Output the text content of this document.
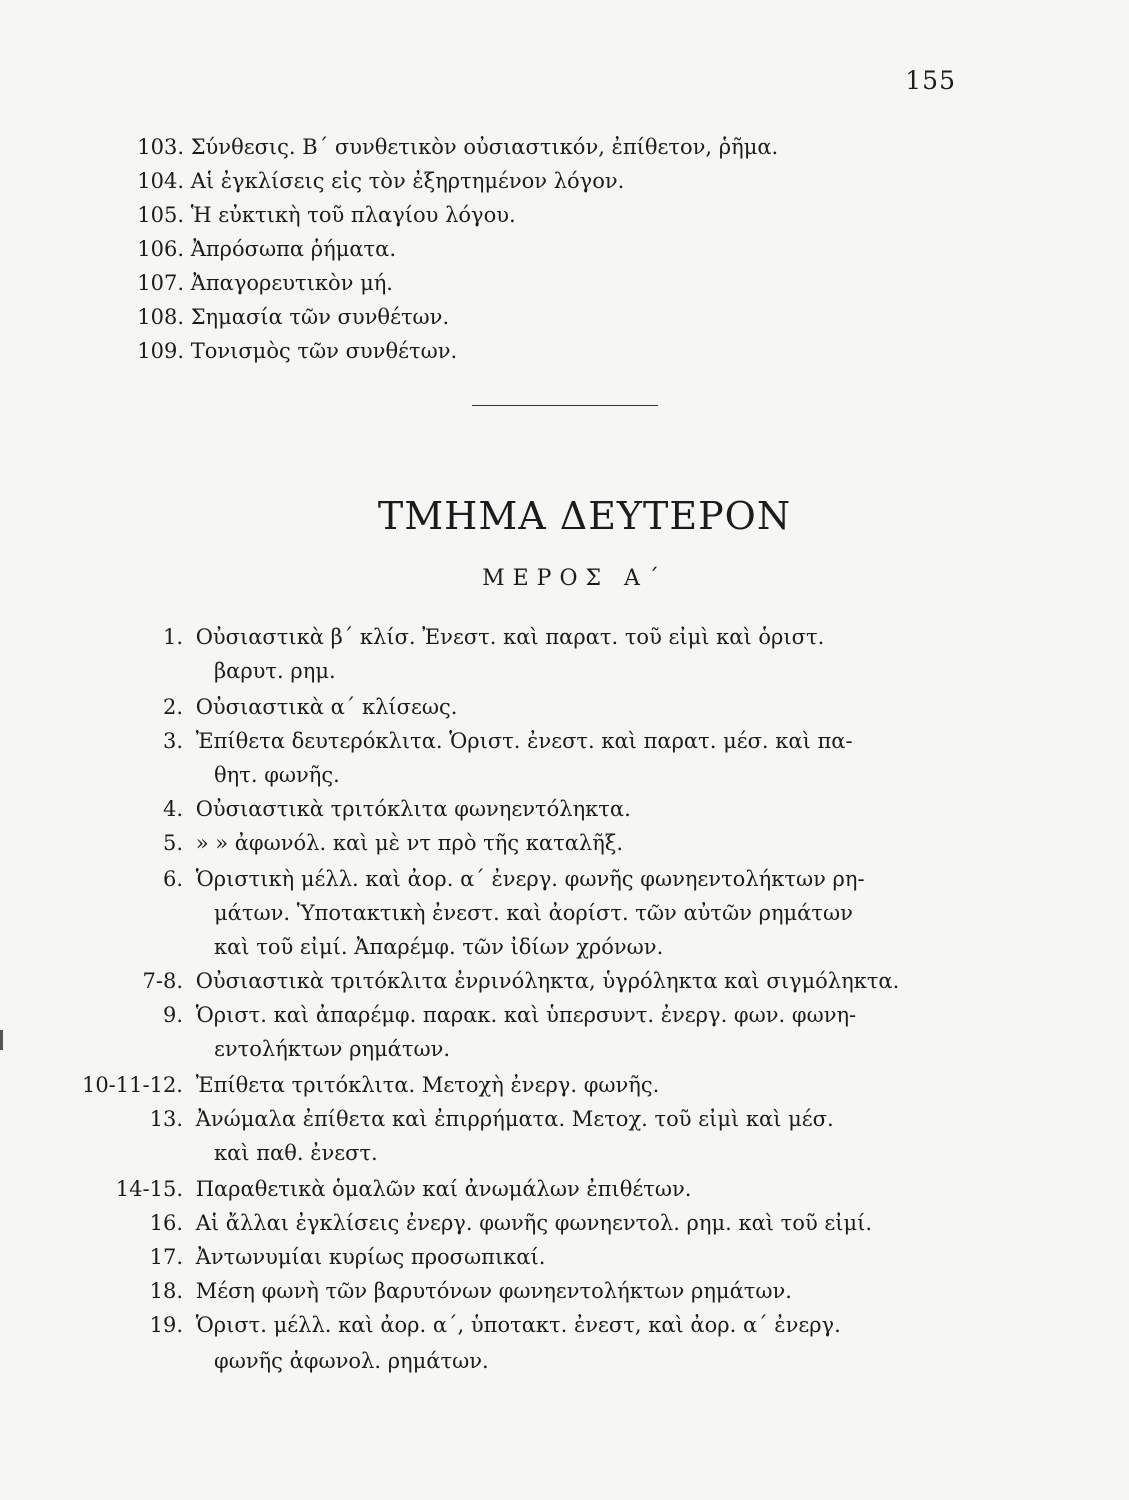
155
103. Σύνθεσις. Β΄ συνθετικὸν οὐσιαστικόν, ἐπίθετον, ῥῆμα.
104. Αἱ ἐγκλίσεις εἰς τὸν ἐξηρτημένον λόγον.
105. Ἡ εὐκτικὴ τοῦ πλαγίου λόγου.
106. Ἀπρόσωπα ῥήματα.
107. Ἀπαγορευτικὸν μή.
108. Σημασία τῶν συνθέτων.
109. Τονισμὸς τῶν συνθέτων.
ΤΜΗΜΑ ΔΕΥΤΕΡΟΝ
ΜΕΡΟΣ Α΄
1. Οὐσιαστικὰ β΄ κλίσ. Ἐνεστ. καὶ παρατ. τοῦ εἰμὶ καὶ ὁριστ.
βαρυτ. ρημ.
2. Οὐσιαστικὰ α΄ κλίσεως.
3. Ἐπίθετα δευτερόκλιτα. Ὁριστ. ἐνεστ. καὶ παρατ. μέσ. καὶ πα-
θητ. φωνῆς.
4. Οὐσιαστικὰ τριτόκλιτα φωνηεντόληκτα.
5. » » ἀφωνόλ. καὶ μὲ ντ πρὸ τῆς καταλῆξ.
6. Ὁριστικὴ μέλλ. καὶ ἀορ. α΄ ἐνεργ. φωνῆς φωνηεντολήκτων ρη-
μάτων. Ὑποτακτικὴ ἐνεστ. καὶ ἀορίστ. τῶν αὐτῶν ρημάτων
καὶ τοῦ εἰμί. Ἀπαρέμφ. τῶν ἰδίων χρόνων.
7-8. Οὐσιαστικὰ τριτόκλιτα ἐνρινόληκτα, ὑγρόληκτα καὶ σιγμόληκτα.
9. Ὁριστ. καὶ ἀπαρέμφ. παρακ. καὶ ὑπερσυντ. ἐνεργ. φων. φωνη-
εντολήκτων ρημάτων.
10-11-12. Ἐπίθετα τριτόκλιτα. Μετοχὴ ἐνεργ. φωνῆς.
13. Ἀνώμαλα ἐπίθετα καὶ ἐπιρρήματα. Μετοχ. τοῦ εἰμὶ καὶ μέσ.
καὶ παθ. ἐνεστ.
14-15. Παραθετικὰ ὁμαλῶν καί ἀνωμάλων ἐπιθέτων.
16. Αἱ ἄλλαι ἐγκλίσεις ἐνεργ. φωνῆς φωνηεντολ. ρημ. καὶ τοῦ εἰμί.
17. Ἀντωνυμίαι κυρίως προσωπικαί.
18. Μέση φωνὴ τῶν βαρυτόνων φωνηεντολήκτων ρημάτων.
19. Ὁριστ. μέλλ. καὶ ἀορ. α΄, ὑποτακτ. ἐνεστ, καὶ ἀορ. α΄ ἐνεργ.
φωνῆς ἀφωνολ. ρημάτων.
